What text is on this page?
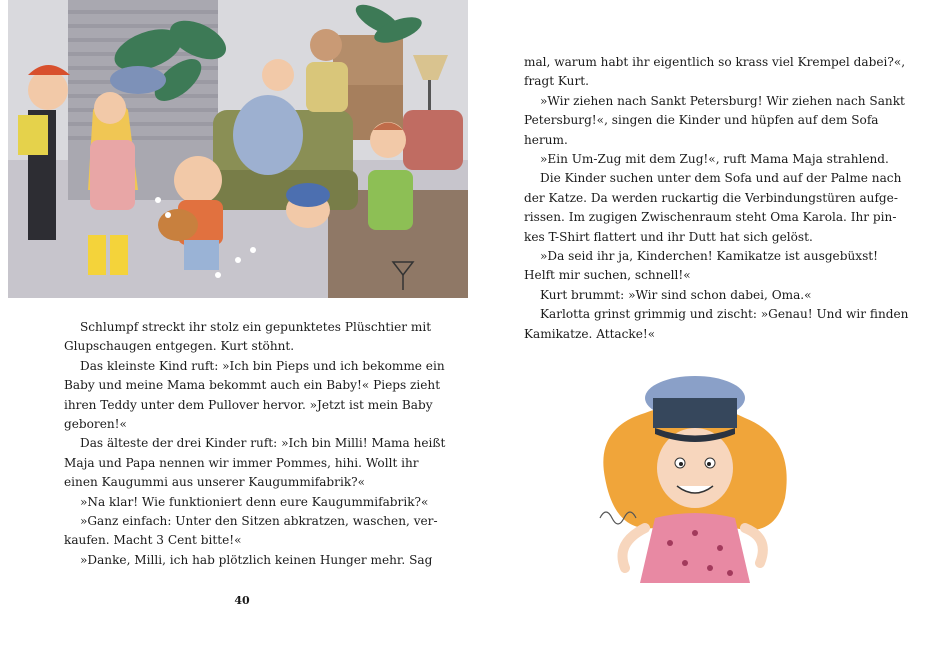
Schlumpf streckt ihr stolz ein gepunktetes Plüschtier mit
Glupschaugen entgegen. Kurt stöhnt.
Das kleinste Kind ruft: »Ich bin Pieps und ich bekomme ein
Baby und meine Mama bekommt auch ein Baby!« Pieps zieht
ihren Teddy unter dem Pullover hervor. »Jetzt ist mein Baby
geboren!«
Das älteste der drei Kinder ruft: »Ich bin Milli! Mama heißt
Maja und Papa nennen wir immer Pommes, hihi. Wollt ihr
einen Kaugummi aus unserer Kaugummifabrik?«
»Na klar! Wie funktioniert denn eure Kaugummifabrik?«
»Ganz einfach: Unter den Sitzen abkratzen, waschen, ver-
kaufen. Macht 3 Cent bitte!«
»Danke, Milli, ich hab plötzlich keinen Hunger mehr. Sag
40
mal, warum habt ihr eigentlich so krass viel Krempel dabei?«,
fragt Kurt.
»Wir ziehen nach Sankt Petersburg! Wir ziehen nach Sankt
Petersburg!«, singen die Kinder und hüpfen auf dem Sofa
herum.
»Ein Um-Zug mit dem Zug!«, ruft Mama Maja strahlend.
Die Kinder suchen unter dem Sofa und auf der Palme nach
der Katze. Da werden ruckartig die Verbindungstüren aufge-
rissen. Im zugigen Zwischenraum steht Oma Karola. Ihr pin-
kes T-Shirt flattert und ihr Dutt hat sich gelöst.
»Da seid ihr ja, Kinderchen! Kamikatze ist ausgebüxst!
Helft mir suchen, schnell!«
Kurt brummt: »Wir sind schon dabei, Oma.«
Karlotta grinst grimmig und zischt: »Genau! Und wir finden
Kamikatze. Attacke!«
